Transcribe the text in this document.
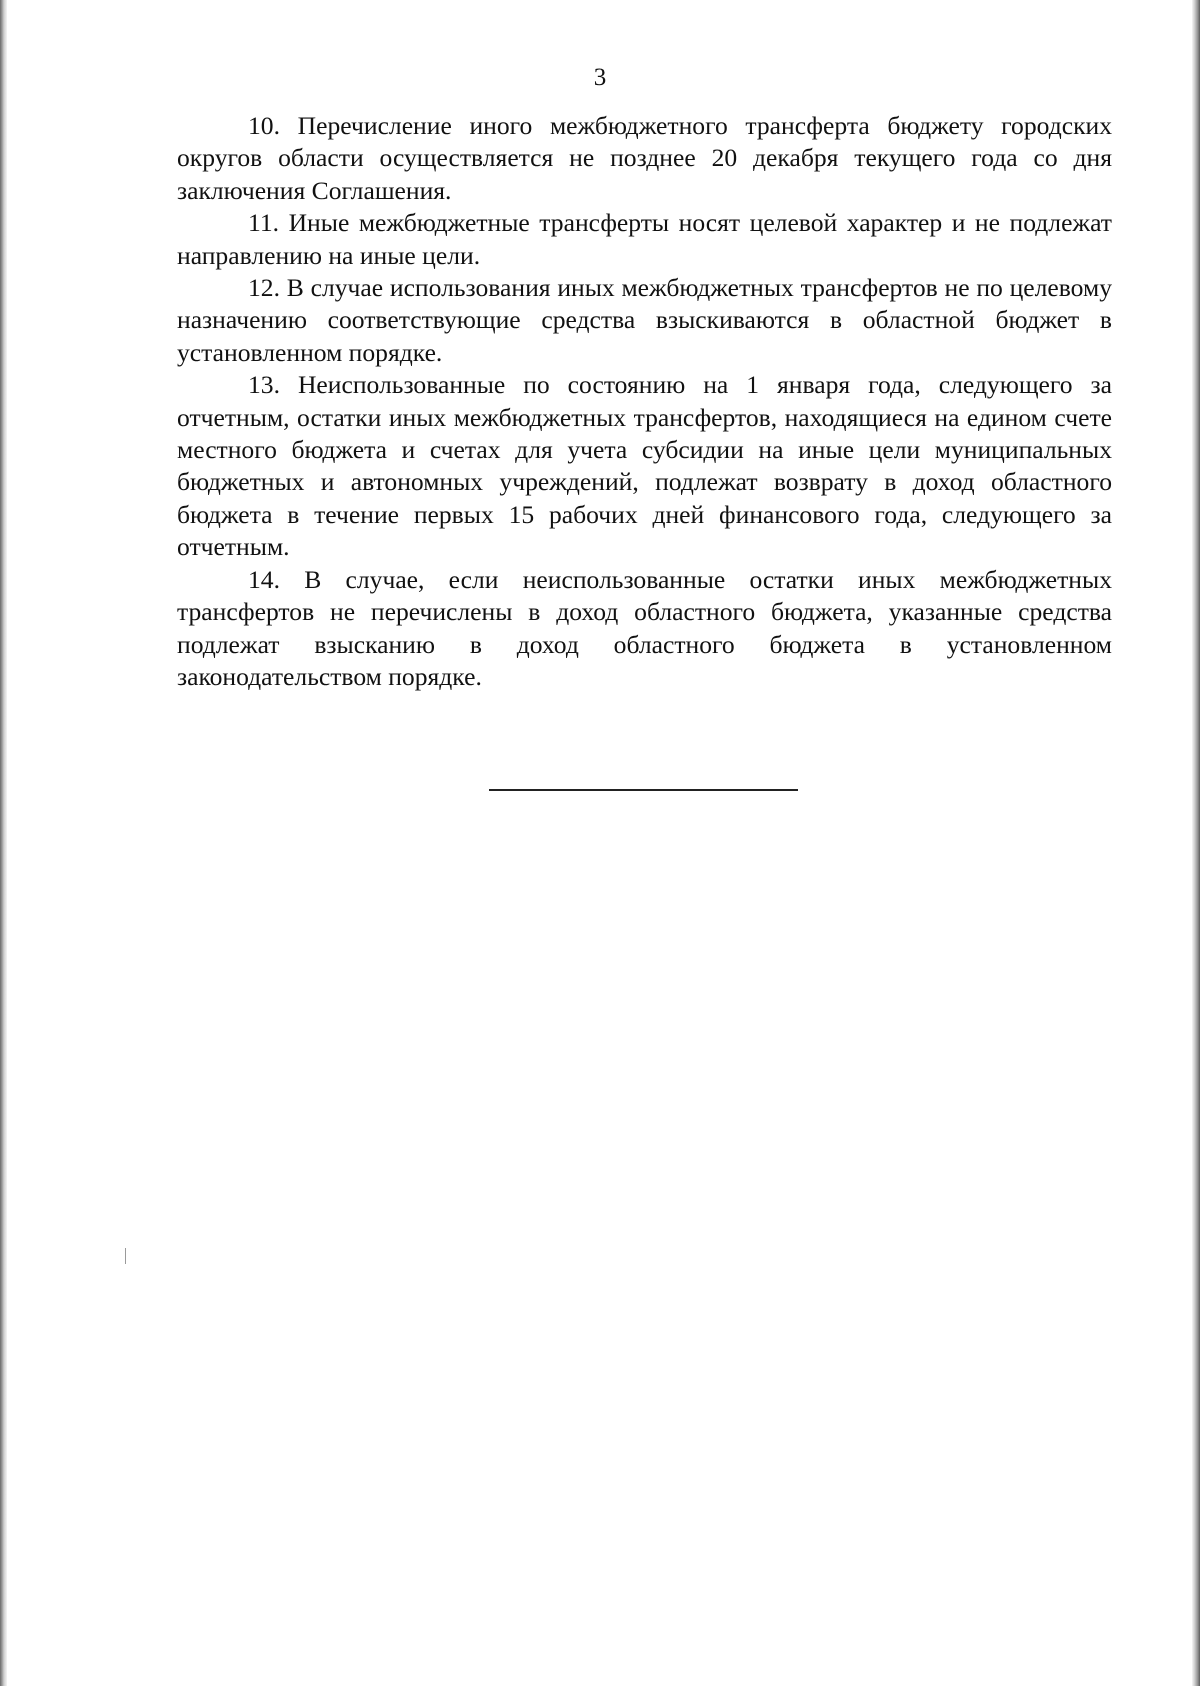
3

10. Перечисление иного межбюджетного трансферта бюджету городских округов области осуществляется не позднее 20 декабря текущего года со дня заключения Соглашения.

11. Иные межбюджетные трансферты носят целевой характер и не подлежат направлению на иные цели.

12. В случае использования иных межбюджетных трансфертов не по целевому назначению соответствующие средства взыскиваются в областной бюджет в установленном порядке.

13. Неиспользованные по состоянию на 1 января года, следующего за отчетным, остатки иных межбюджетных трансфертов, находящиеся на едином счете местного бюджета и счетах для учета субсидии на иные цели муниципальных бюджетных и автономных учреждений, подлежат возврату в доход областного бюджета в течение первых 15 рабочих дней финансового года, следующего за отчетным.

14. В случае, если неиспользованные остатки иных межбюджетных трансфертов не перечислены в доход областного бюджета, указанные средства подлежат взысканию в доход областного бюджета в установленном законодательством порядке.
